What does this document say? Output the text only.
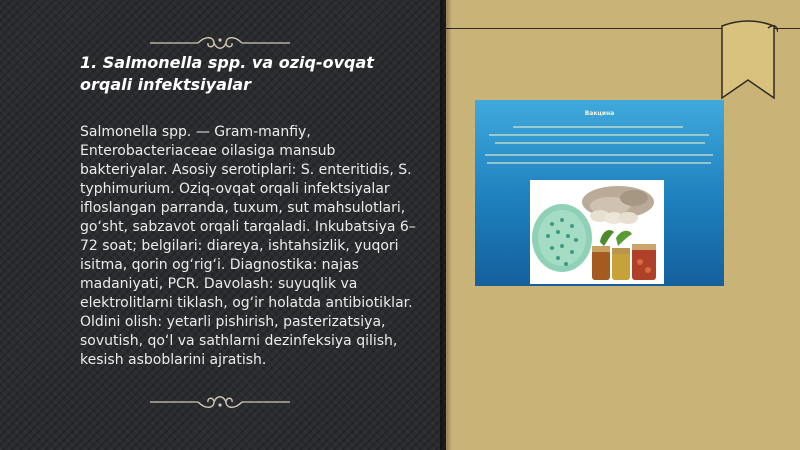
1. Salmonella spp. va oziq-ovqat orqali infektsiyalar

Salmonella spp. — Gram-manfiy, Enterobacteriaceae oilasiga mansub bakteriyalar. Asosiy serotiplari: S. enteritidis, S. typhimurium. Oziq-ovqat orqali infektsiyalar ifloslangan parranda, tuxum, sut mahsulotlari, go‘sht, sabzavot orqali tarqaladi. Inkubatsiya 6–72 soat; belgilari: diareya, ishtahsizlik, yuqori isitma, qorin og‘rig‘i. Diagnostika: najas madaniyati, PCR. Davolash: suyuqlik va elektrolitlarni tiklash, og‘ir holatda antibiotiklar. Oldini olish: yetarli pishirish, pasterizatsiya, sovutish, qo‘l va sathlarni dezinfeksiya qilish, kesish asboblarini ajratish.

Вакцина
